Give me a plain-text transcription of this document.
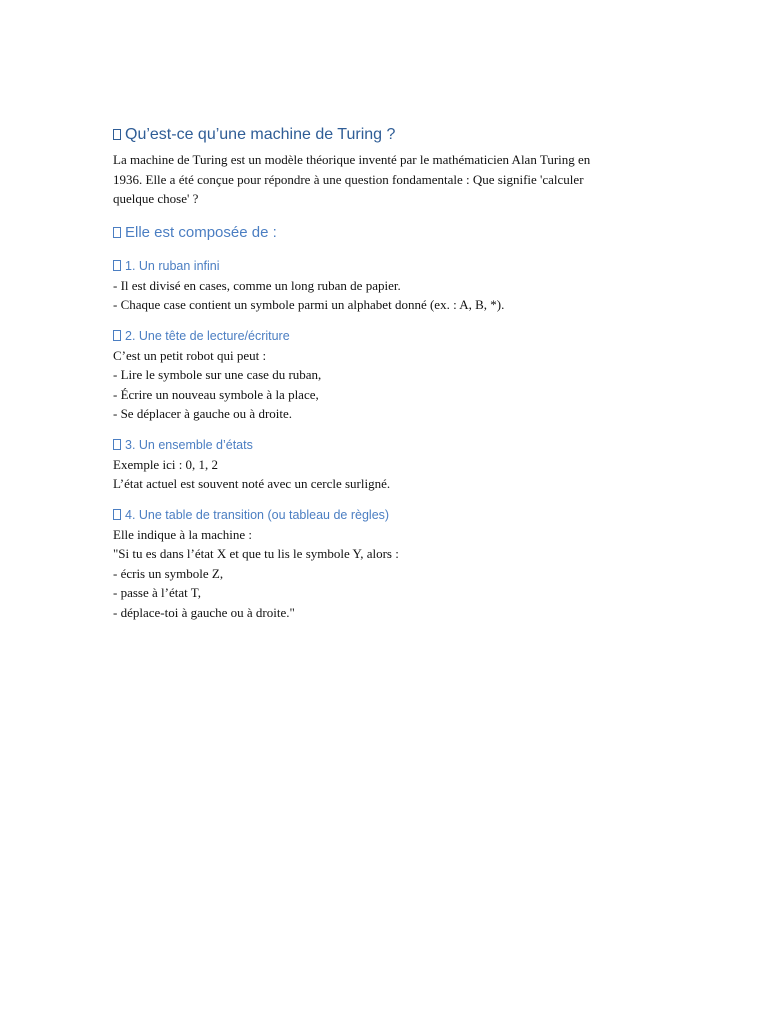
Qu’est-ce qu’une machine de Turing ?

La machine de Turing est un modèle théorique inventé par le mathématicien Alan Turing en
1936. Elle a été conçue pour répondre à une question fondamentale : Que signifie 'calculer
quelque chose' ?

Elle est composée de :
1. Un ruban infini

- Il est divisé en cases, comme un long ruban de papier.
- Chaque case contient un symbole parmi un alphabet donné (ex. : A, B, *).

2. Une tête de lecture/écriture

C’est un petit robot qui peut :
- Lire le symbole sur une case du ruban,
- Écrire un nouveau symbole à la place,
- Se déplacer à gauche ou à droite.

3. Un ensemble d’états

Exemple ici : 0, 1, 2
L’état actuel est souvent noté avec un cercle surligné.

4. Une table de transition (ou tableau de règles)

Elle indique à la machine :
"Si tu es dans l’état X et que tu lis le symbole Y, alors :
- écris un symbole Z,
- passe à l’état T,
- déplace-toi à gauche ou à droite."
